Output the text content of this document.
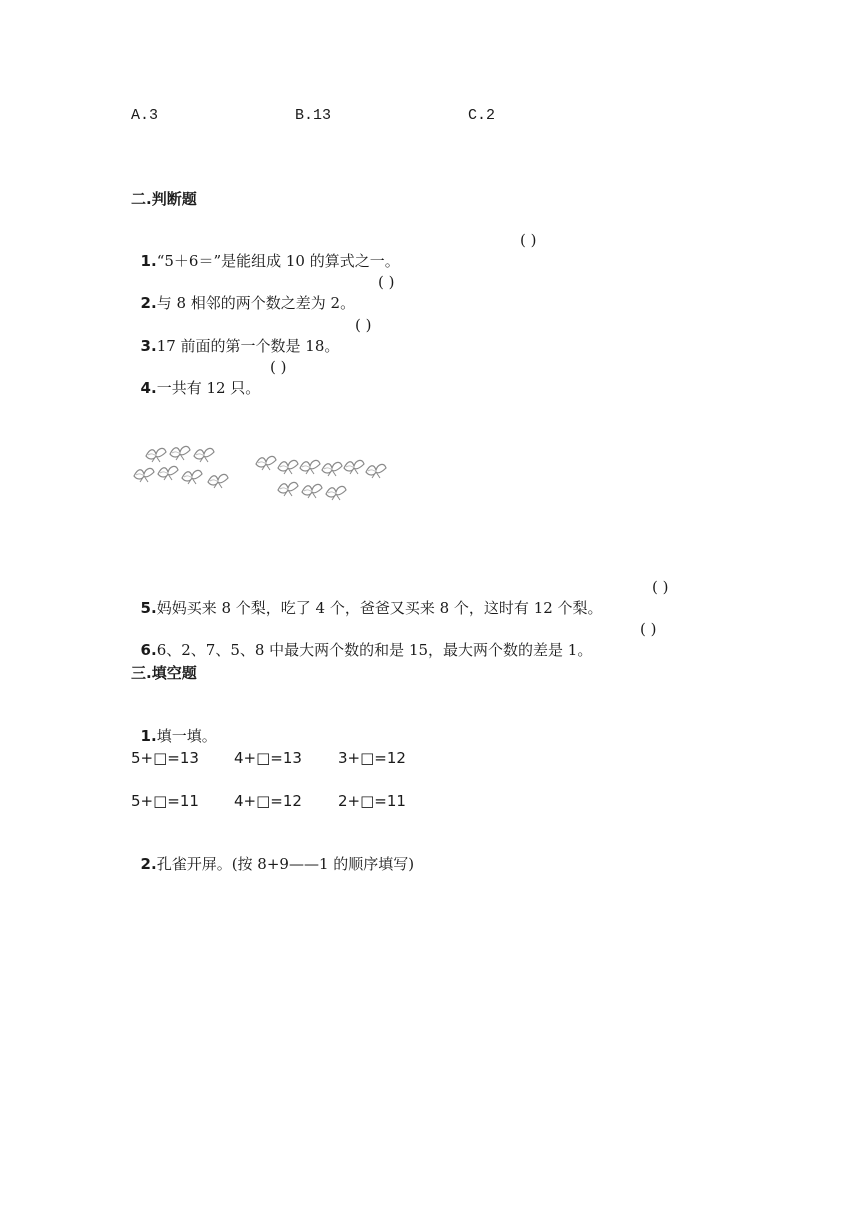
A.3	B.13	C.2
二.判断题

1.“5＋6＝”是能组成 10 的算式之一。

( )

2.与 8 相邻的两个数之差为 2。

( )

3.17 前面的第一个数是 18。

( )

4.一共有 12 只。

( )

5.妈妈买来 8 个梨，吃了 4 个，爸爸又买来 8 个，这时有 12 个梨。

( )

6.6、2、7、5、8 中最大两个数的和是 15，最大两个数的差是 1。

( )
三.填空题

1.填一填。

5+□=13 4+□=13 3+□=12
5+□=11 4+□=12 2+□=11

2.孔雀开屏。(按 8+9——1 的顺序填写)
